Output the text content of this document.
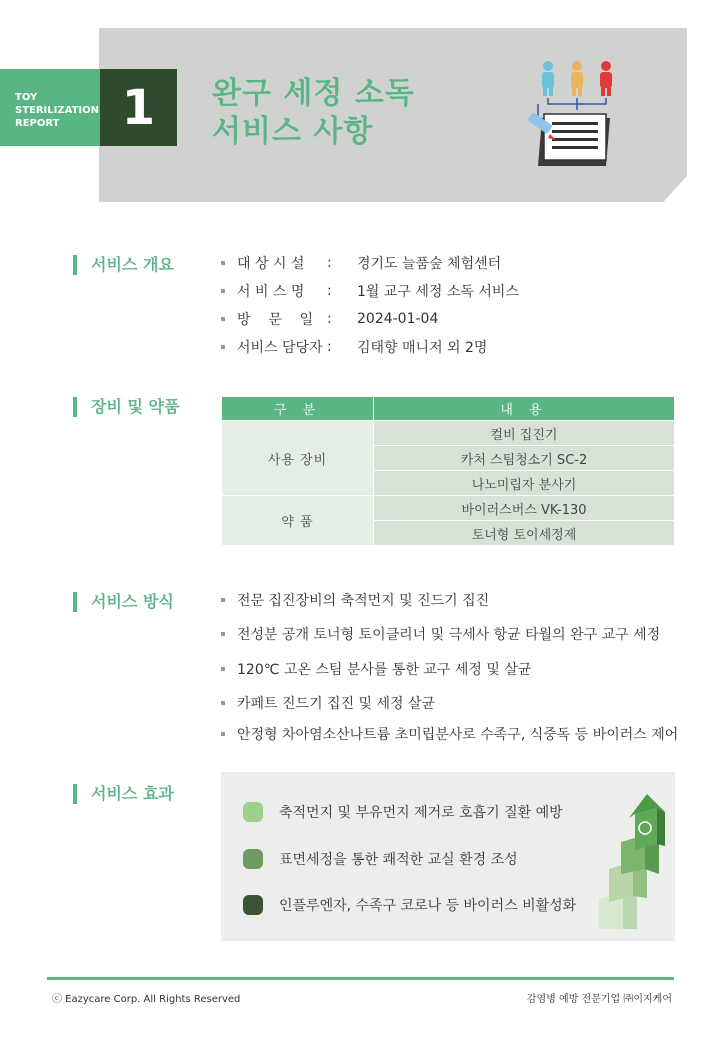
TOY
STERILIZATION
REPORT	1	완구 세정 소독
서비스 사항
서비스 개요	대 상 시 설	:	경기도 늘품숲 체험센터
서 비 스 명	:	1월 교구 세정 소독 서비스
방    문    일 :	2024-01-04
서비스 담당자 :	김태향 매니저 외 2명
장비 및 약품	구 분	내 용
사용 장비	컬비 집진기
	카처 스팀청소기 SC-2
	나노미립자 분사기
약 품	바이러스버스 VK-130
	토너형 토이세정제
서비스 방식	전문 집진장비의 축적먼지 및 진드기 집진
전성분 공개 토너형 토이클리너 및 극세사 항균 타월의 완구 교구 세정
120℃ 고온 스팀 분사를 통한 교구 세정 및 살균
카페트 진드기 집진 및 세정 살균
안정형 차아염소산나트륨 초미립분사로 수족구, 식중독 등 바이러스 제어
서비스 효과
축적먼지 및 부유먼지 제거로 호흡기 질환 예방
표면세정을 통한 쾌적한 교실 환경 조성
인플루엔자, 수족구 코로나 등 바이러스 비활성화
ⓒ Eazycare Corp. All Rights Reserved	감염병 예방 전문기업 ㈜이지케어
